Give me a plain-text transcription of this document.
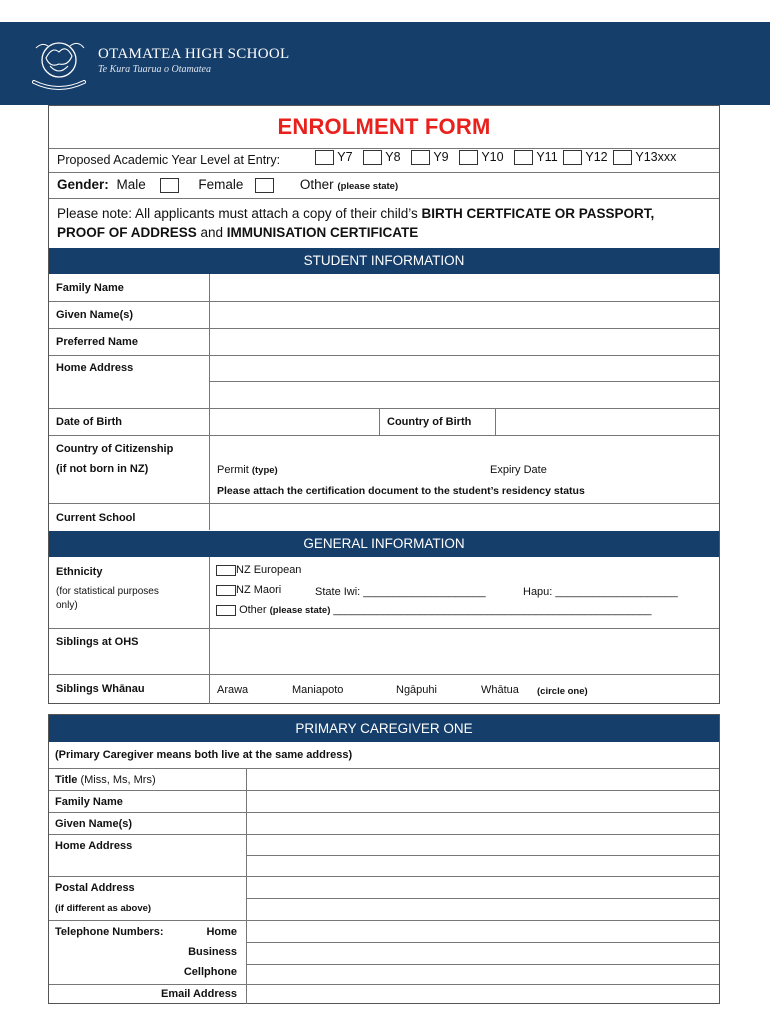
OTAMATEA HIGH SCHOOL
Te Kura Tuarua o Otamatea
ENROLMENT FORM
Proposed Academic Year Level at Entry:	Y7	Y8	Y9	Y10	Y11 Y12 Y13xxx
Gender: Male	Female	Other (please state)
Please note: All applicants must attach a copy of their child’s BIRTH CERTFICATE OR PASSPORT,
PROOF OF ADDRESS and IMMUNISATION CERTIFICATE
STUDENT INFORMATION
Family Name
Given Name(s)
Preferred Name
Home Address
Date of Birth	Country of Birth
Country of Citizenship
(if not born in NZ)	Permit (type)	Expiry Date
Please attach the certification document to the student’s residency status
Current School
GENERAL INFORMATION
Ethnicity
(for statistical purposes
only)
NZ European
NZ Maori	State Iwi: ____________________	Hapu: ____________________
Other (please state) ____________________________________________________
Siblings at OHS
Siblings Whānau	Arawa	Maniapoto	Ngāpuhi	Whātua (circle one)
PRIMARY CAREGIVER ONE
(Primary Caregiver means both live at the same address)
Title (Miss, Ms, Mrs)
Family Name
Given Name(s)
Home Address
Postal Address
(if different as above)
Telephone Numbers:	Home
Business
Cellphone
Email Address
